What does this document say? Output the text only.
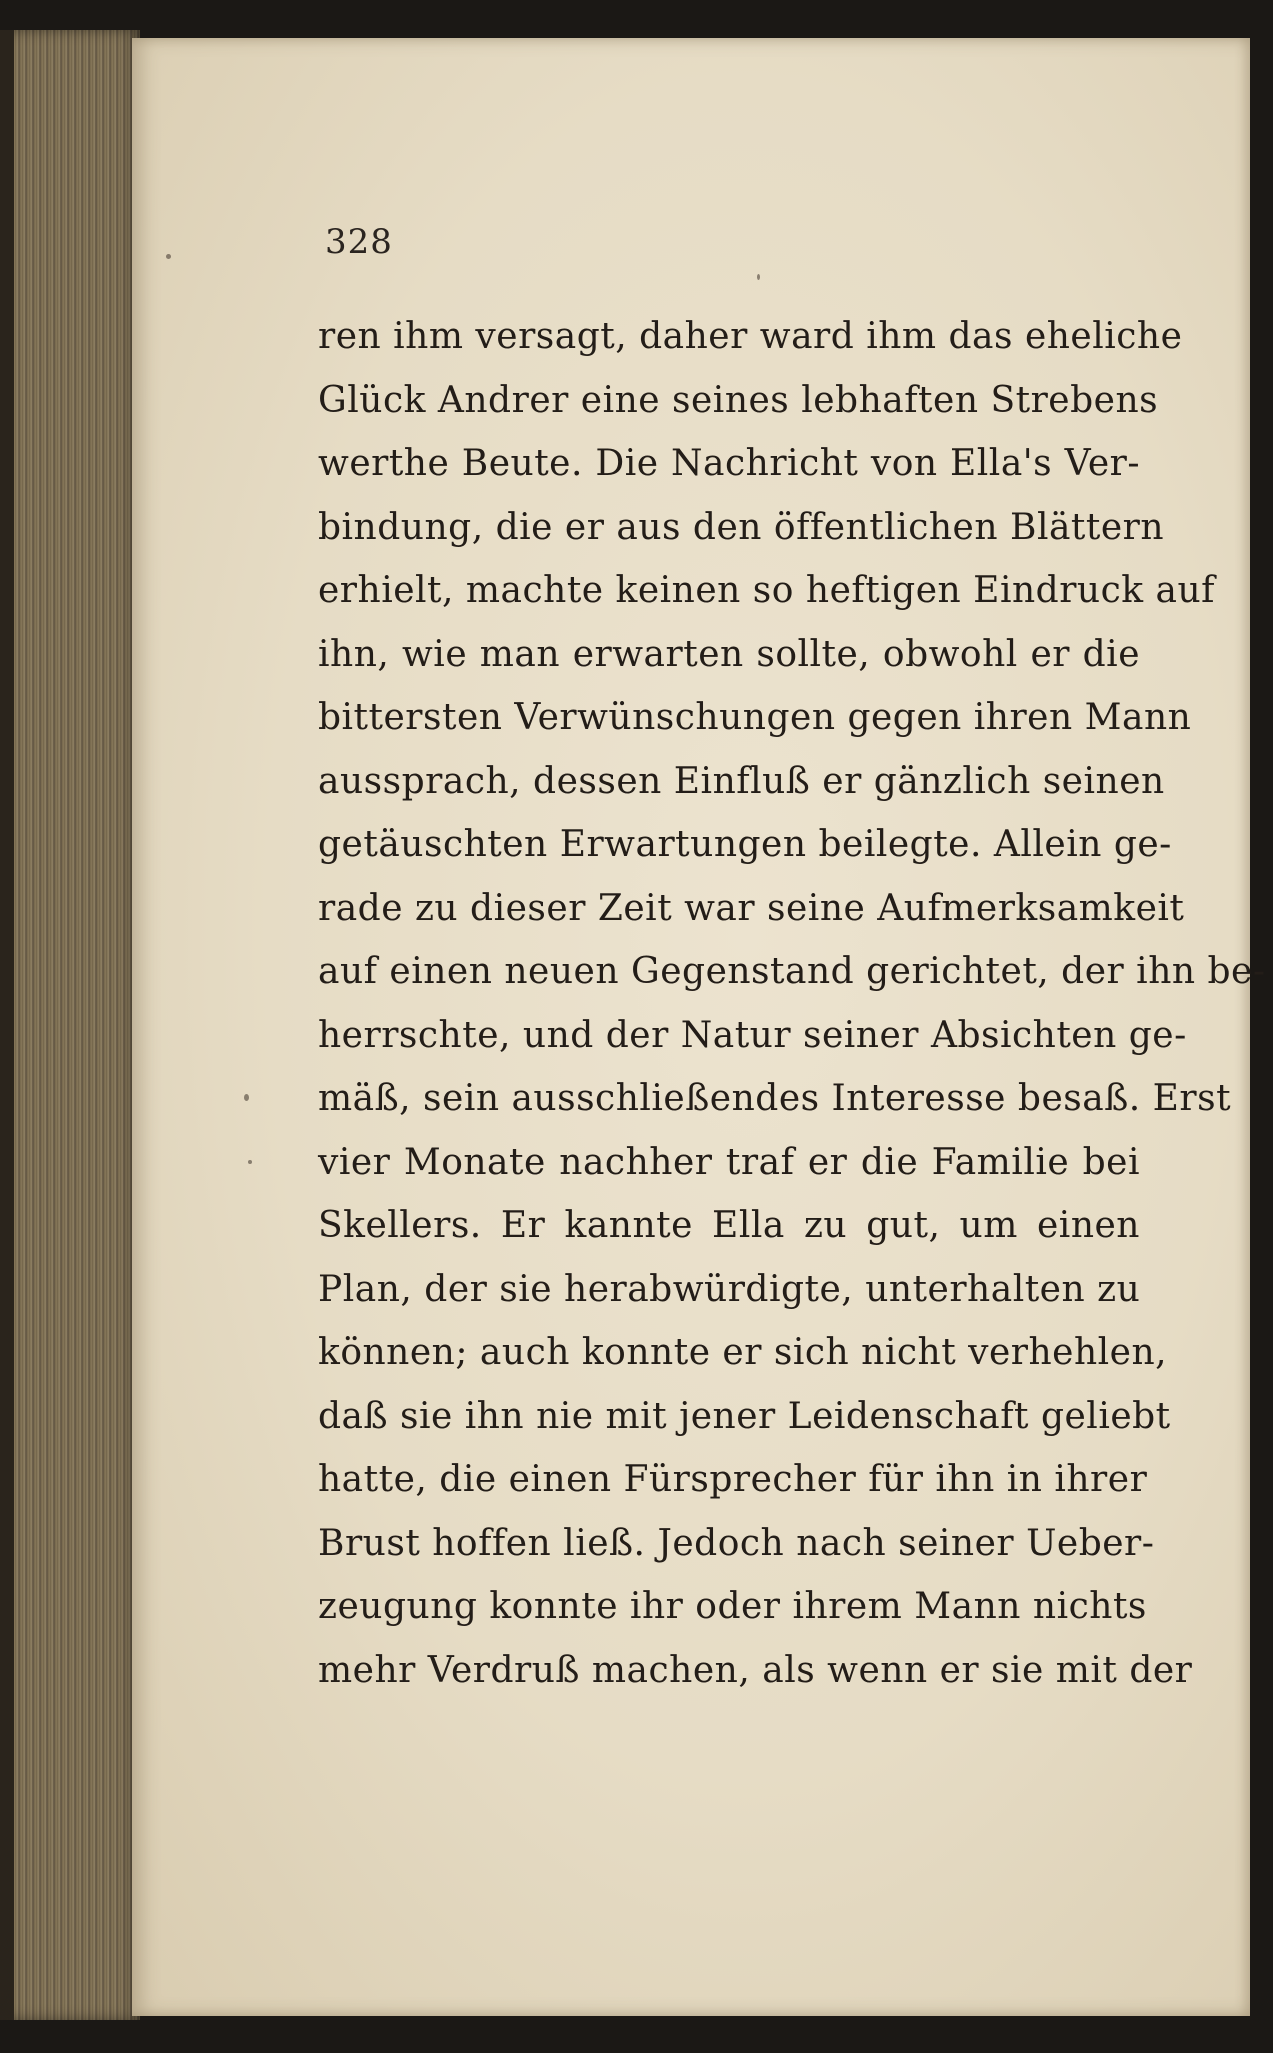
328

ren ihm versagt, daher ward ihm das eheliche
Glück Andrer eine seines lebhaften Strebens
werthe Beute. Die Nachricht von Ella's Ver-
bindung, die er aus den öffentlichen Blättern
erhielt, machte keinen so heftigen Eindruck auf
ihn, wie man erwarten sollte, obwohl er die
bittersten Verwünschungen gegen ihren Mann
aussprach, dessen Einfluß er gänzlich seinen
getäuschten Erwartungen beilegte. Allein ge-
rade zu dieser Zeit war seine Aufmerksamkeit
auf einen neuen Gegenstand gerichtet, der ihn be-
herrschte, und der Natur seiner Absichten ge-
mäß, sein ausschließendes Interesse besaß. Erst
vier Monate nachher traf er die Familie bei
Skellers. Er kannte Ella zu gut, um einen
Plan, der sie herabwürdigte, unterhalten zu
können; auch konnte er sich nicht verhehlen,
daß sie ihn nie mit jener Leidenschaft geliebt
hatte, die einen Fürsprecher für ihn in ihrer
Brust hoffen ließ. Jedoch nach seiner Ueber-
zeugung konnte ihr oder ihrem Mann nichts
mehr Verdruß machen, als wenn er sie mit der
